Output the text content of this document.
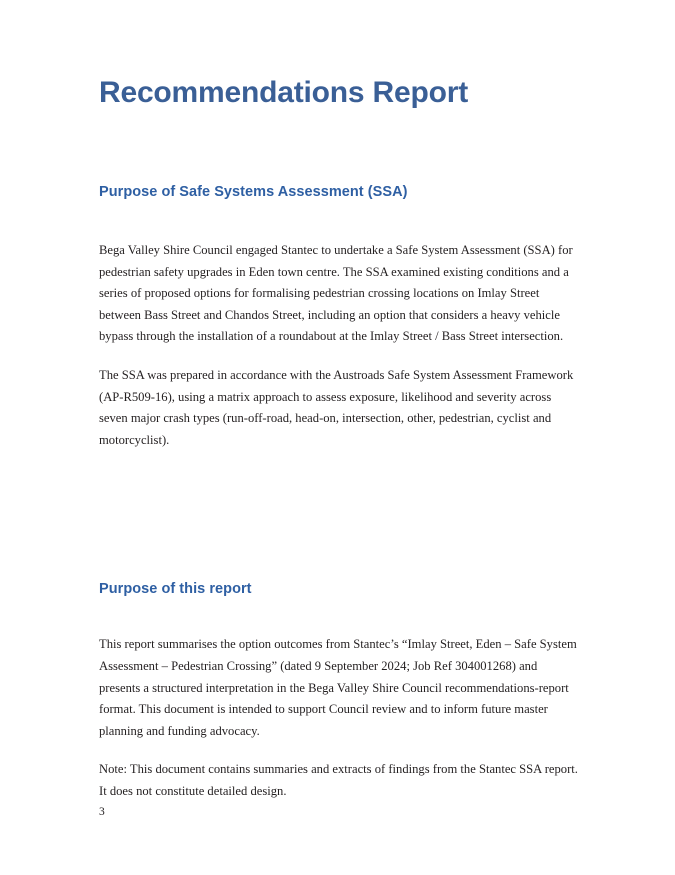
Recommendations Report
Purpose of Safe Systems Assessment (SSA)

Bega Valley Shire Council engaged Stantec to undertake a Safe System Assessment (SSA) for pedestrian safety upgrades in Eden town centre. The SSA examined existing conditions and a series of proposed options for formalising pedestrian crossing locations on Imlay Street between Bass Street and Chandos Street, including an option that considers a heavy vehicle bypass through the installation of a roundabout at the Imlay Street / Bass Street intersection.

The SSA was prepared in accordance with the Austroads Safe System Assessment Framework (AP-R509-16), using a matrix approach to assess exposure, likelihood and severity across seven major crash types (run-off-road, head-on, intersection, other, pedestrian, cyclist and motorcyclist).

Purpose of this report

This report summarises the option outcomes from Stantec’s “Imlay Street, Eden – Safe System Assessment – Pedestrian Crossing” (dated 9 September 2024; Job Ref 304001268) and presents a structured interpretation in the Bega Valley Shire Council recommendations-report format. This document is intended to support Council review and to inform future master planning and funding advocacy.

Note: This document contains summaries and extracts of findings from the Stantec SSA report. It does not constitute detailed design.

3
